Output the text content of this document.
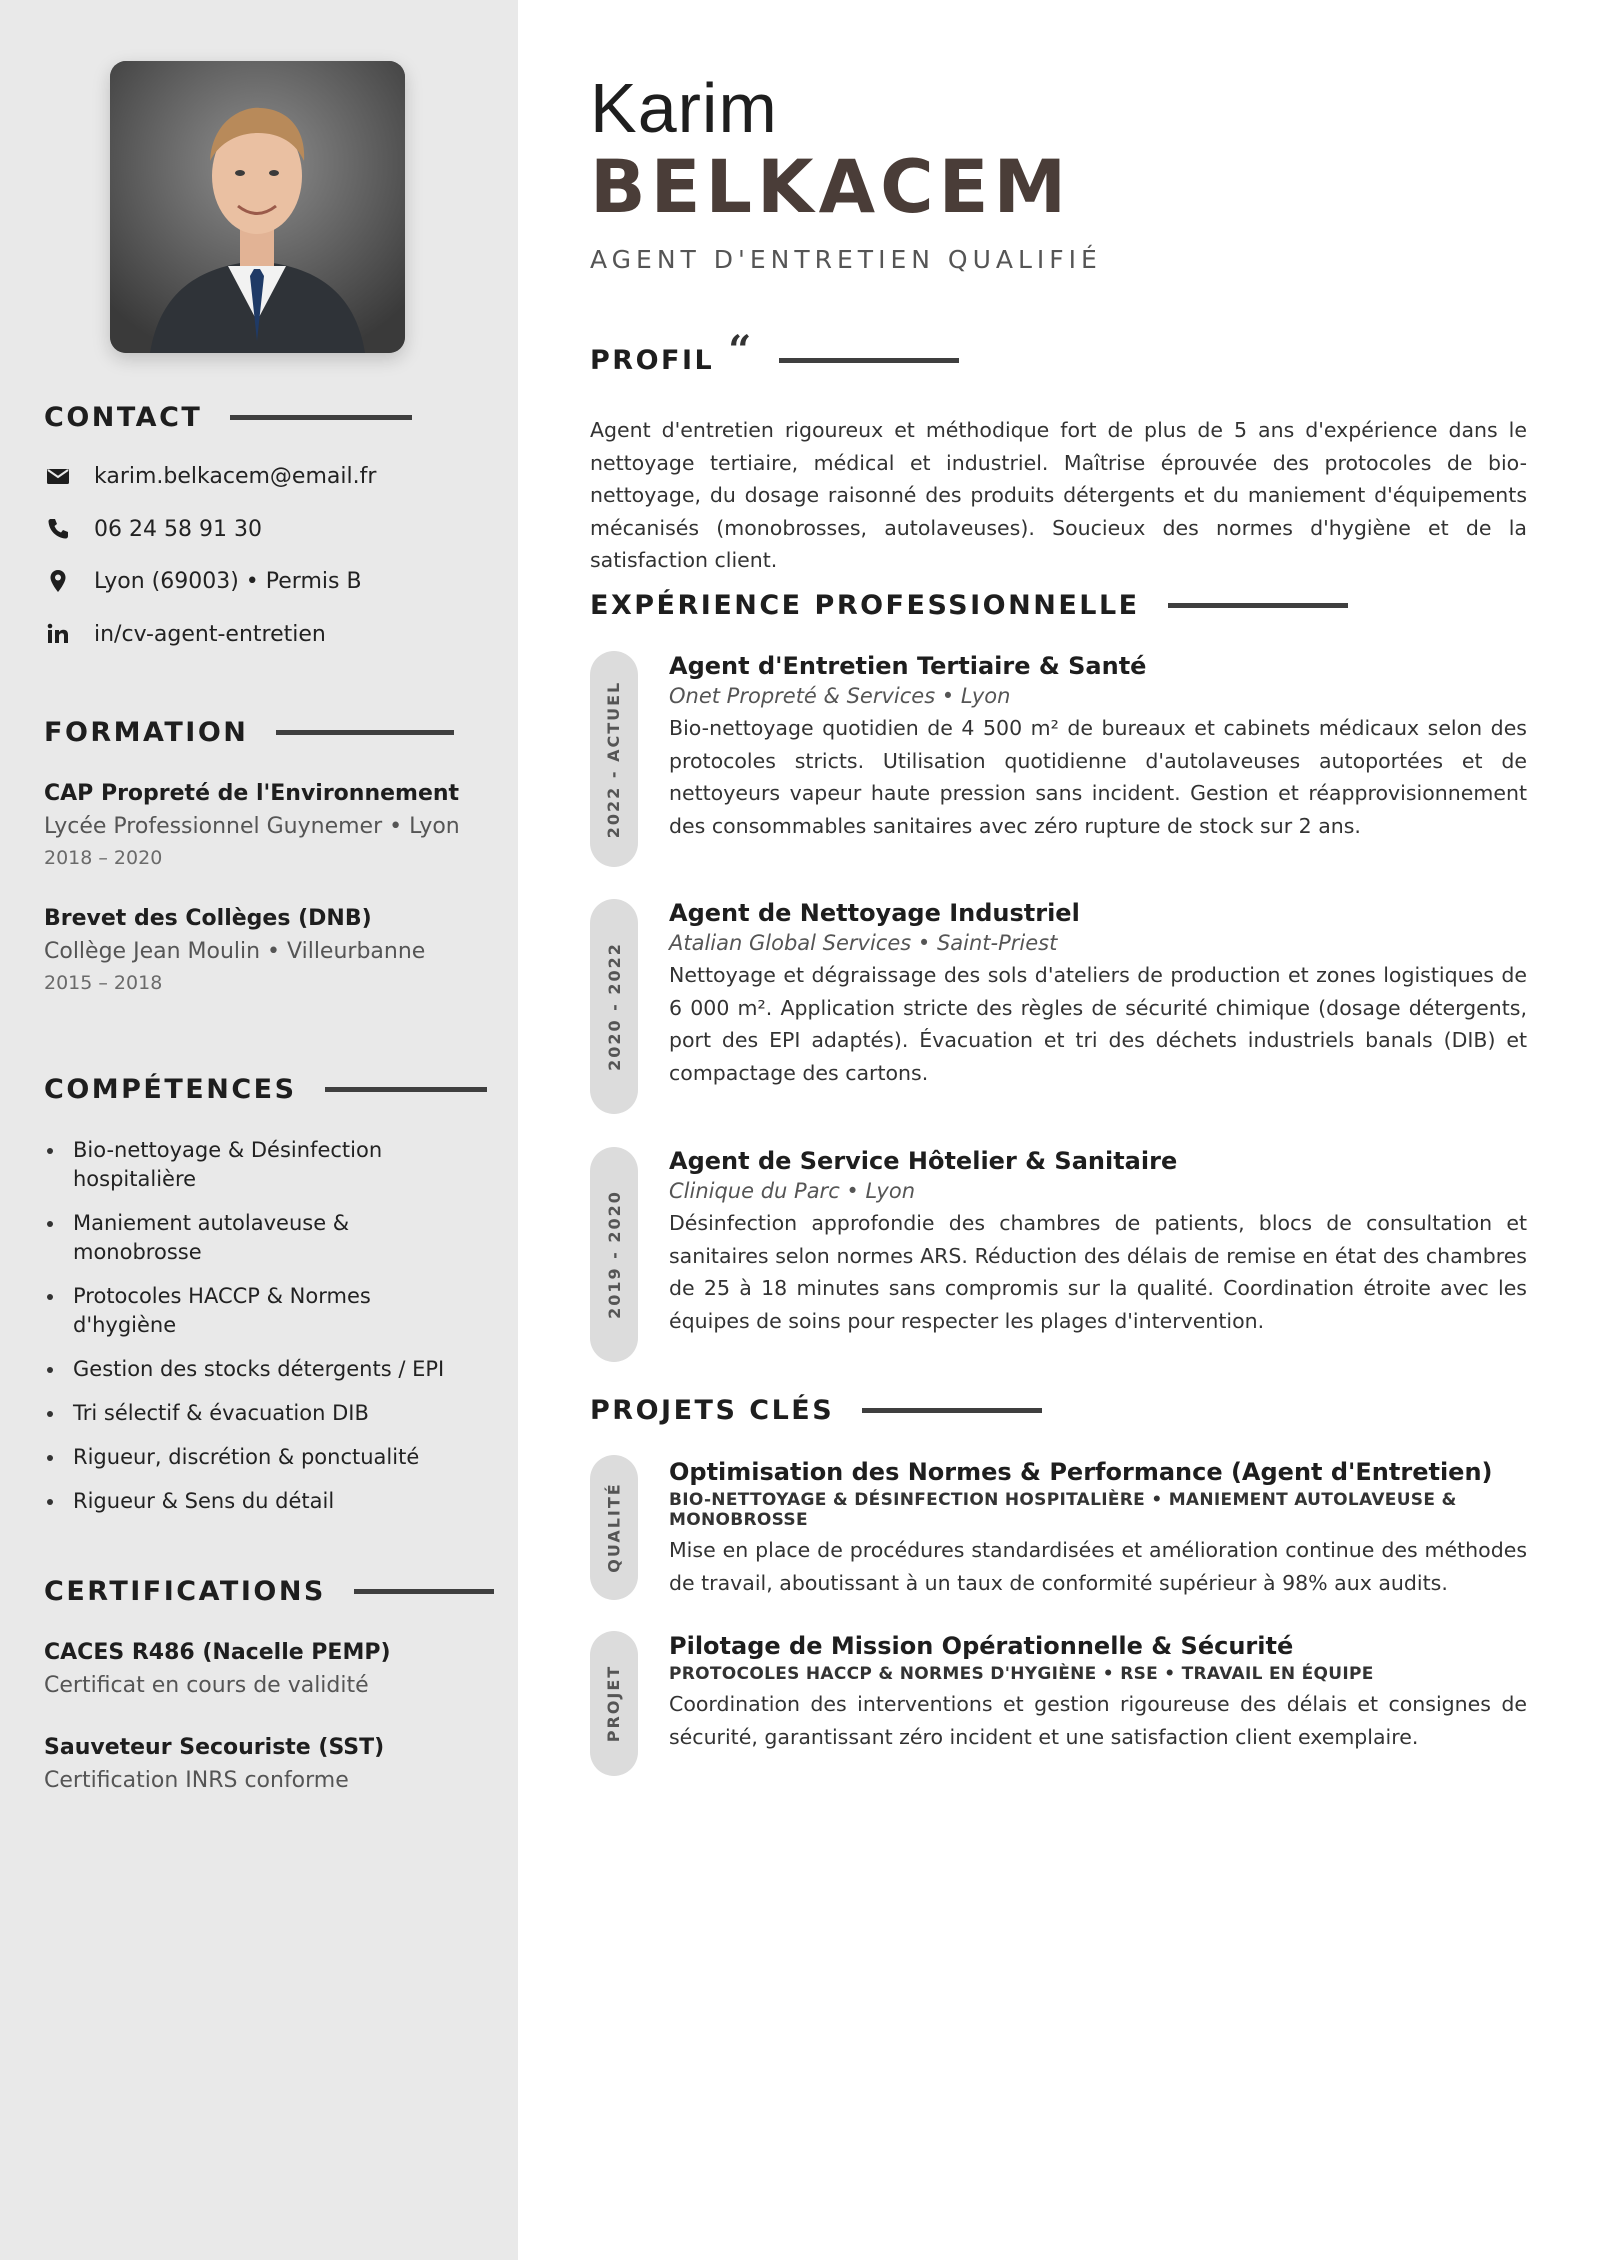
CONTACT
karim.belkacem@email.fr
06 24 58 91 30
Lyon (69003) • Permis B
in/cv-agent-entretien
FORMATION
CAP Propreté de l'Environnement
Lycée Professionnel Guynemer • Lyon
2018 – 2020
Brevet des Collèges (DNB)
Collège Jean Moulin • Villeurbanne
2015 – 2018
COMPÉTENCES
Bio-nettoyage & Désinfection hospitalière
Maniement autolaveuse & monobrosse
Protocoles HACCP & Normes d'hygiène
Gestion des stocks détergents / EPI
Tri sélectif & évacuation DIB
Rigueur, discrétion & ponctualité
Rigueur & Sens du détail
CERTIFICATIONS
CACES R486 (Nacelle PEMP)
Certificat en cours de validité
Sauveteur Secouriste (SST)
Certification INRS conforme
Karim
BELKACEM
AGENT D'ENTRETIEN QUALIFIÉ
PROFIL “
Agent d'entretien rigoureux et méthodique fort de plus de 5 ans d'expérience dans le nettoyage tertiaire, médical et industriel. Maîtrise éprouvée des protocoles de bio-nettoyage, du dosage raisonné des produits détergents et du maniement d'équipements mécanisés (monobrosses, autolaveuses). Soucieux des normes d'hygiène et de la satisfaction client.
EXPÉRIENCE PROFESSIONNELLE
2022 - ACTUEL
Agent d'Entretien Tertiaire & Santé
Onet Propreté & Services • Lyon
Bio-nettoyage quotidien de 4 500 m² de bureaux et cabinets médicaux selon des protocoles stricts. Utilisation quotidienne d'autolaveuses autoportées et de nettoyeurs vapeur haute pression sans incident. Gestion et réapprovisionnement des consommables sanitaires avec zéro rupture de stock sur 2 ans.
2020 - 2022
Agent de Nettoyage Industriel
Atalian Global Services • Saint-Priest
Nettoyage et dégraissage des sols d'ateliers de production et zones logistiques de 6 000 m². Application stricte des règles de sécurité chimique (dosage détergents, port des EPI adaptés). Évacuation et tri des déchets industriels banals (DIB) et compactage des cartons.
2019 - 2020
Agent de Service Hôtelier & Sanitaire
Clinique du Parc • Lyon
Désinfection approfondie des chambres de patients, blocs de consultation et sanitaires selon normes ARS. Réduction des délais de remise en état des chambres de 25 à 18 minutes sans compromis sur la qualité. Coordination étroite avec les équipes de soins pour respecter les plages d'intervention.
PROJETS CLÉS
QUALITÉ
Optimisation des Normes & Performance (Agent d'Entretien)
BIO-NETTOYAGE & DÉSINFECTION HOSPITALIÈRE • MANIEMENT AUTOLAVEUSE & MONOBROSSE
Mise en place de procédures standardisées et amélioration continue des méthodes de travail, aboutissant à un taux de conformité supérieur à 98% aux audits.
PROJET
Pilotage de Mission Opérationnelle & Sécurité
PROTOCOLES HACCP & NORMES D'HYGIÈNE • RSE • TRAVAIL EN ÉQUIPE
Coordination des interventions et gestion rigoureuse des délais et consignes de sécurité, garantissant zéro incident et une satisfaction client exemplaire.
